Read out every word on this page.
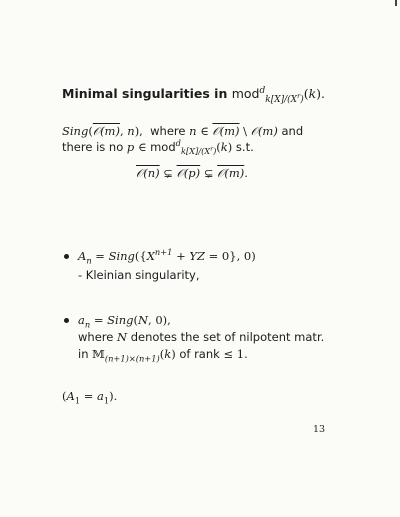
Minimal singularities in mod$^d_{k[X]/(X^r)}$(k).
Sing(𝒪(m), n), where n ∈ 𝒪(m) \ 𝒪(m) and
there is no p ∈ mod$^d_{k[X]/(X^r)}$(k) s.t.
𝒪(n) ⊊ 𝒪(p) ⊊ 𝒪(m).
$A_n$ = $Sing(\{X^{n+1}$ + YZ = 0}, 0)
- Kleinian singularity,
$a_n$ = Sing(N, 0),
where N denotes the set of nilpotent matr.
in 𝕄$_{(n+1)\times(n+1)}$(k) of rank ≤ 1.
$(A_1 = a_1)$.
13
